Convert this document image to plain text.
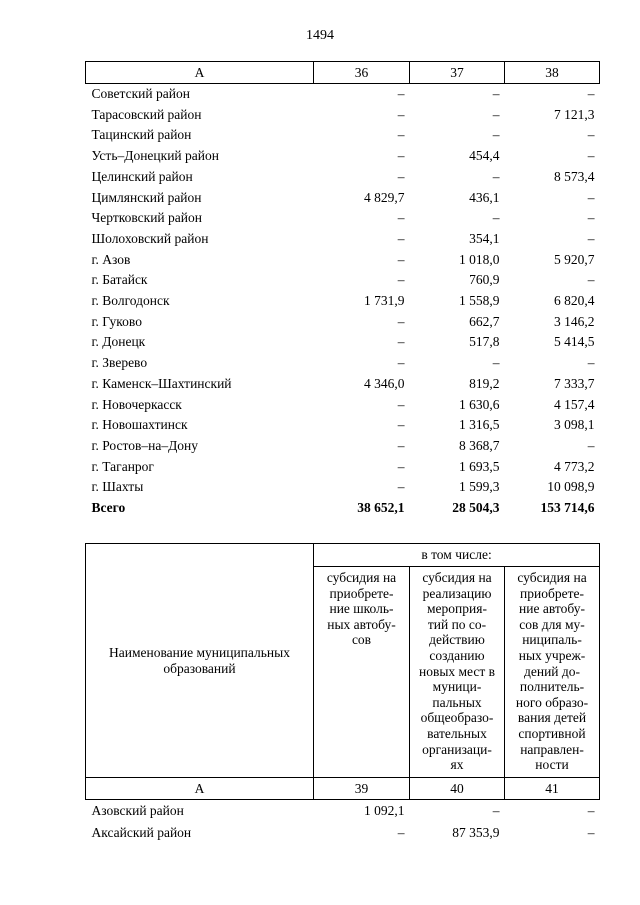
1494
А	36	37	38
Советский район	–	–	–
Тарасовский район	–	–	7 121,3
Тацинский район	–	–	–
Усть–Донецкий район	–	454,4	–
Целинский район	–	–	8 573,4
Цимлянский район	4 829,7	436,1	–
Чертковский район	–	–	–
Шолоховский район	–	354,1	–
г. Азов	–	1 018,0	5 920,7
г. Батайск	–	760,9	–
г. Волгодонск	1 731,9	1 558,9	6 820,4
г. Гуково	–	662,7	3 146,2
г. Донецк	–	517,8	5 414,5
г. Зверево	–	–	–
г. Каменск–Шахтинский	4 346,0	819,2	7 333,7
г. Новочеркасск	–	1 630,6	4 157,4
г. Новошахтинск	–	1 316,5	3 098,1
г. Ростов–на–Дону	–	8 368,7	–
г. Таганрог	–	1 693,5	4 773,2
г. Шахты	–	1 599,3	10 098,9
Всего	38 652,1	28 504,3	153 714,6
Наименование муниципальных образований	в том числе:		

	субсидия на приобрете-ние школь-ных автобу-сов	субсидия на реализацию мероприя-тий по со-действию созданию новых мест в муници-пальных общеобразо-вательных организаци-ях	субсидия на приобрете-ние автобу-сов для му-ниципаль-ных учреж-дений до-полнитель-ного образо-вания детей спортивной направлен-ности

А	39	40	41
Азовский район	1 092,1	–	–
Аксайский район	–	87 353,9	–
